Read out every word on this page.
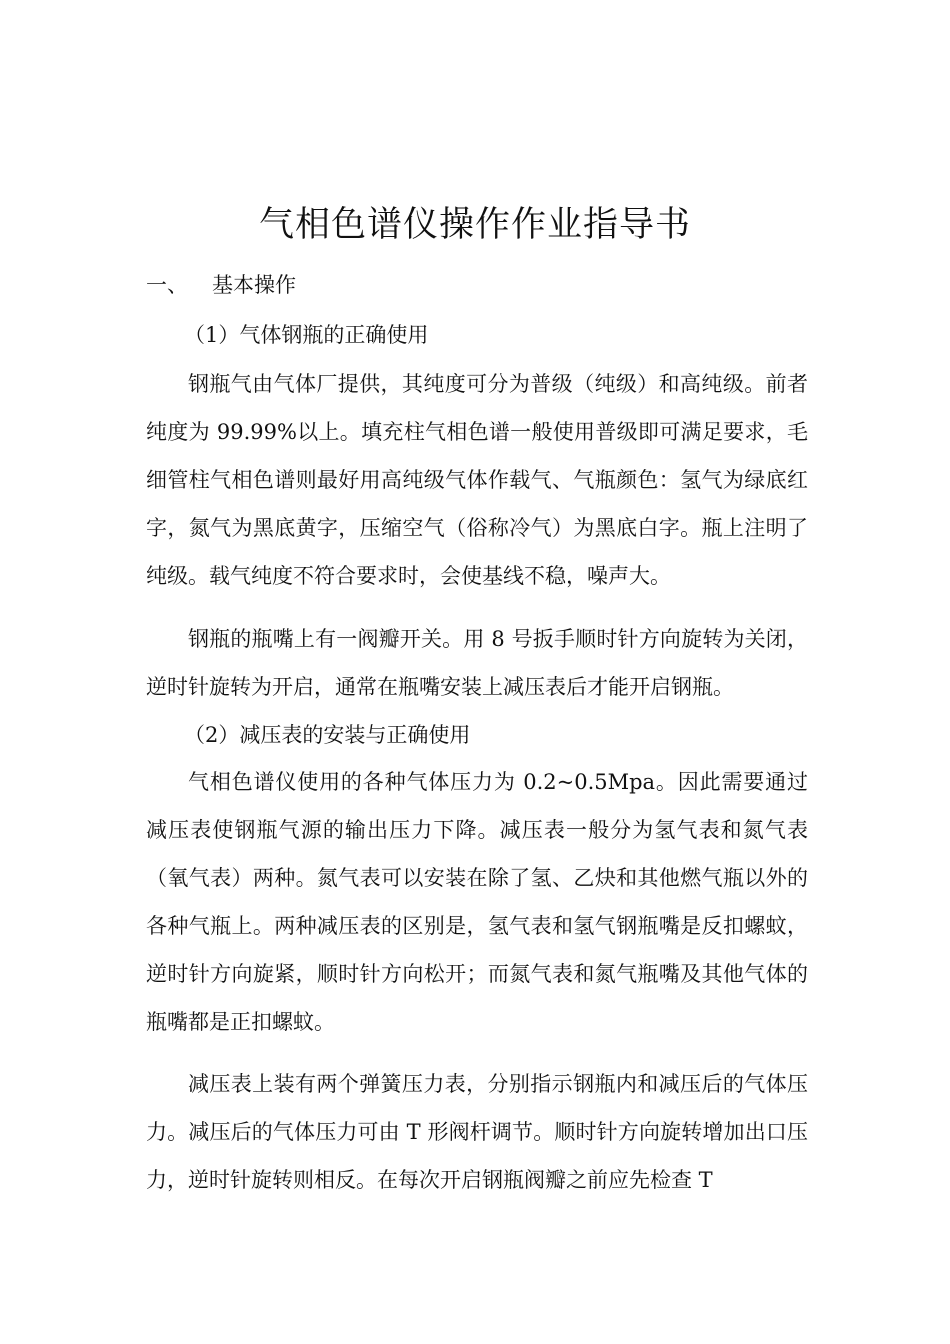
气相色谱仪操作作业指导书
一、 基本操作
（1）气体钢瓶的正确使用
钢瓶气由气体厂提供，其纯度可分为普级（纯级）和高纯级。前者纯度为 99.99%以上。填充柱气相色谱一般使用普级即可满足要求，毛细管柱气相色谱则最好用高纯级气体作载气、气瓶颜色：氢气为绿底红字，氮气为黑底黄字，压缩空气（俗称冷气）为黑底白字。瓶上注明了纯级。载气纯度不符合要求时，会使基线不稳，噪声大。
钢瓶的瓶嘴上有一阀瓣开关。用 8 号扳手顺时针方向旋转为关闭，逆时针旋转为开启，通常在瓶嘴安装上减压表后才能开启钢瓶。
（2）减压表的安装与正确使用
气相色谱仪使用的各种气体压力为 0.2~0.5Mpa。因此需要通过减压表使钢瓶气源的输出压力下降。减压表一般分为氢气表和氮气表（氧气表）两种。氮气表可以安装在除了氢、乙炔和其他燃气瓶以外的各种气瓶上。两种减压表的区别是，氢气表和氢气钢瓶嘴是反扣螺蚊，逆时针方向旋紧，顺时针方向松开；而氮气表和氮气瓶嘴及其他气体的瓶嘴都是正扣螺蚊。
减压表上装有两个弹簧压力表，分别指示钢瓶内和减压后的气体压力。减压后的气体压力可由 T 形阀杆调节。顺时针方向旋转增加出口压力，逆时针旋转则相反。在每次开启钢瓶阀瓣之前应先检查 T
